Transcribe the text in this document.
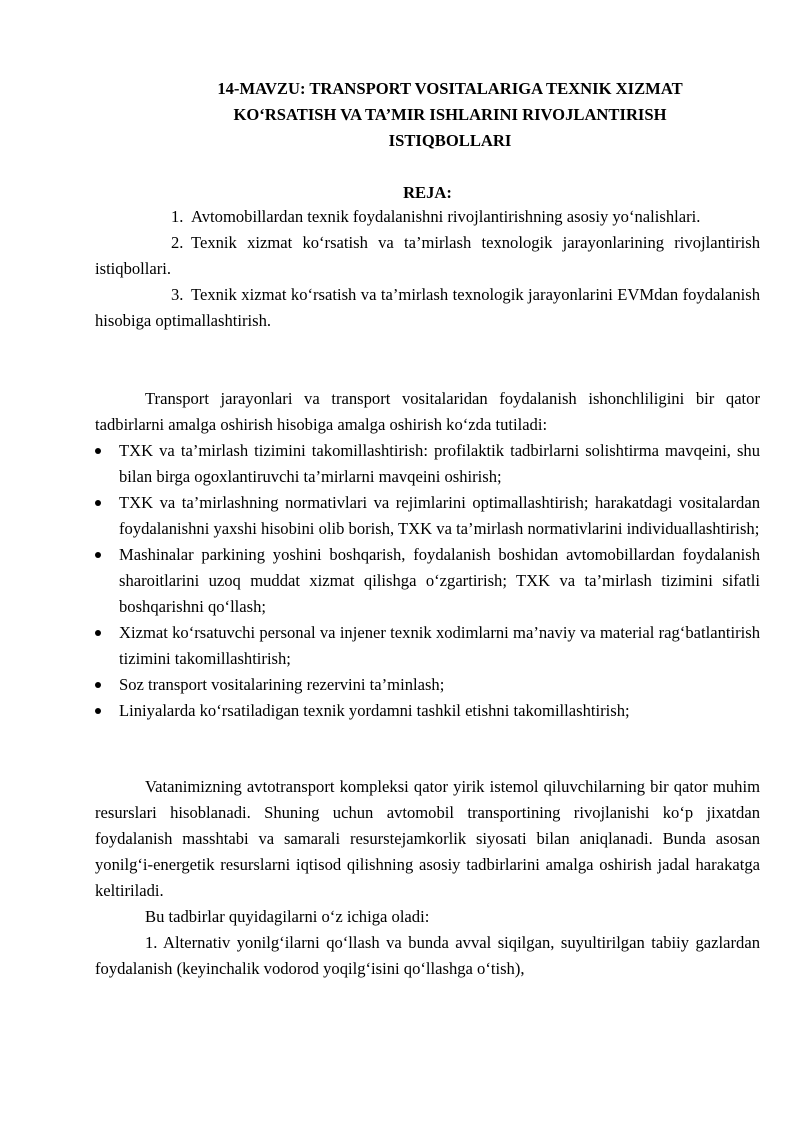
14-MAVZU: TRANSPORT VOSITALARIGA TEXNIK XIZMAT
KO‘RSATISH VA TA’MIR ISHLARINI RIVOJLANTIRISH
ISTIQBOLLARI
REJA:
1. Avtomobillardan texnik foydalanishni rivojlantirishning asosiy yo‘nalishlari.
2. Texnik xizmat ko‘rsatish va ta’mirlash texnologik jarayonlarining rivojlantirish istiqbollari.
3. Texnik xizmat ko‘rsatish va ta’mirlash texnologik jarayonlarini EVMdan foydalanish hisobiga optimallashtirish.

Transport jarayonlari va transport vositalaridan foydalanish ishonchliligini bir qator tadbirlarni amalga oshirish hisobiga amalga oshirish ko‘zda tutiladi:

TXK va ta’mirlash tizimini takomillashtirish: profilaktik tadbirlarni solishtirma mavqeini, shu bilan birga ogoxlantiruvchi ta’mirlarni mavqeini oshirish;
TXK va ta’mirlashning normativlari va rejimlarini optimallashtirish; harakatdagi vositalardan foydalanishni yaxshi hisobini olib borish, TXK va ta’mirlash normativlarini individuallashtirish;
Mashinalar parkining yoshini boshqarish, foydalanish boshidan avtomobillardan foydalanish sharoitlarini uzoq muddat xizmat qilishga o‘zgartirish; TXK va ta’mirlash tizimini sifatli boshqarishni qo‘llash;
Xizmat ko‘rsatuvchi personal va injener texnik xodimlarni ma’naviy va material rag‘batlantirish tizimini takomillashtirish;
Soz transport vositalarining rezervini ta’minlash;
Liniyalarda ko‘rsatiladigan texnik yordamni tashkil etishni takomillashtirish;

Vatanimizning avtotransport kompleksi qator yirik istemol qiluvchilarning bir qator muhim resurslari hisoblanadi. Shuning uchun avtomobil transportining rivojlanishi ko‘p jixatdan foydalanish masshtabi va samarali resurstejamkorlik siyosati bilan aniqlanadi. Bunda asosan yonilg‘i-energetik resurslarni iqtisod qilishning asosiy tadbirlarini amalga oshirish jadal harakatga keltiriladi.

Bu tadbirlar quyidagilarni o‘z ichiga oladi:

1. Alternativ yonilg‘ilarni qo‘llash va bunda avval siqilgan, suyultirilgan tabiiy gazlardan foydalanish (keyinchalik vodorod yoqilg‘isini qo‘llashga o‘tish),
